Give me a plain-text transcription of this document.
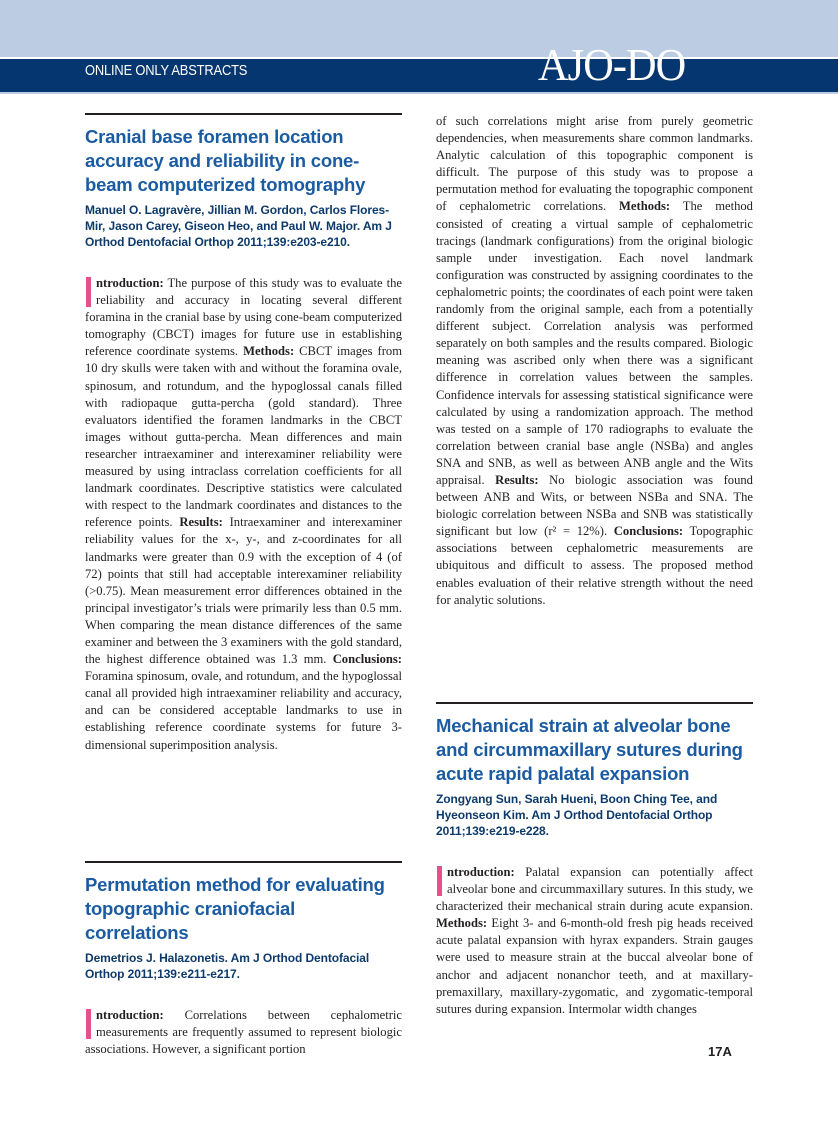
ONLINE ONLY ABSTRACTS	AJO-DO
Cranial base foramen location accuracy and reliability in cone-beam computerized tomography

Manuel O. Lagravère, Jillian M. Gordon, Carlos Flores-Mir, Jason Carey, Giseon Heo, and Paul W. Major. Am J Orthod Dentofacial Orthop 2011;139:e203-e210.

ntroduction: The purpose of this study was to evaluate the reliability and accuracy in locating several different foramina in the cranial base by using cone-beam computerized tomography (CBCT) images for future use in establishing reference coordinate systems. Methods: CBCT images from 10 dry skulls were taken with and without the foramina ovale, spinosum, and rotundum, and the hypoglossal canals filled with radiopaque gutta-percha (gold standard). Three evaluators identified the foramen landmarks in the CBCT images without gutta-percha. Mean differences and main researcher intraexaminer and interexaminer reliability were measured by using intraclass correlation coefficients for all landmark coordinates. Descriptive statistics were calculated with respect to the landmark coordinates and distances to the reference points. Results: Intraexaminer and interexaminer reliability values for the x-, y-, and z-coordinates for all landmarks were greater than 0.9 with the exception of 4 (of 72) points that still had acceptable interexaminer reliability (>0.75). Mean measurement error differences obtained in the principal investigator’s trials were primarily less than 0.5 mm. When comparing the mean distance differences of the same examiner and between the 3 examiners with the gold standard, the highest difference obtained was 1.3 mm. Conclusions: Foramina spinosum, ovale, and rotundum, and the hypoglossal canal all provided high intraexaminer reliability and accuracy, and can be considered acceptable landmarks to use in establishing reference coordinate systems for future 3-dimensional superimposition analysis.

Permutation method for evaluating topographic craniofacial correlations

Demetrios J. Halazonetis. Am J Orthod Dentofacial Orthop 2011;139:e211-e217.

ntroduction: Correlations between cephalometric measurements are frequently assumed to represent biologic associations. However, a significant portion

of such correlations might arise from purely geometric dependencies, when measurements share common landmarks. Analytic calculation of this topographic component is difficult. The purpose of this study was to propose a permutation method for evaluating the topographic component of cephalometric correlations. Methods: The method consisted of creating a virtual sample of cephalometric tracings (landmark configurations) from the original biologic sample under investigation. Each novel landmark configuration was constructed by assigning coordinates to the cephalometric points; the coordinates of each point were taken randomly from the original sample, each from a potentially different subject. Correlation analysis was performed separately on both samples and the results compared. Biologic meaning was ascribed only when there was a significant difference in correlation values between the samples. Confidence intervals for assessing statistical significance were calculated by using a randomization approach. The method was tested on a sample of 170 radiographs to evaluate the correlation between cranial base angle (NSBa) and angles SNA and SNB, as well as between ANB angle and the Wits appraisal. Results: No biologic association was found between ANB and Wits, or between NSBa and SNA. The biologic correlation between NSBa and SNB was statistically significant but low (r² = 12%). Conclusions: Topographic associations between cephalometric measurements are ubiquitous and difficult to assess. The proposed method enables evaluation of their relative strength without the need for analytic solutions.

Mechanical strain at alveolar bone and circummaxillary sutures during acute rapid palatal expansion

Zongyang Sun, Sarah Hueni, Boon Ching Tee, and Hyeonseon Kim. Am J Orthod Dentofacial Orthop 2011;139:e219-e228.

ntroduction: Palatal expansion can potentially affect alveolar bone and circummaxillary sutures. In this study, we characterized their mechanical strain during acute expansion. Methods: Eight 3- and 6-month-old fresh pig heads received acute palatal expansion with hyrax expanders. Strain gauges were used to measure strain at the buccal alveolar bone of anchor and adjacent nonanchor teeth, and at maxillary-premaxillary, maxillary-zygomatic, and zygomatic-temporal sutures during expansion. Intermolar width changes

17A
